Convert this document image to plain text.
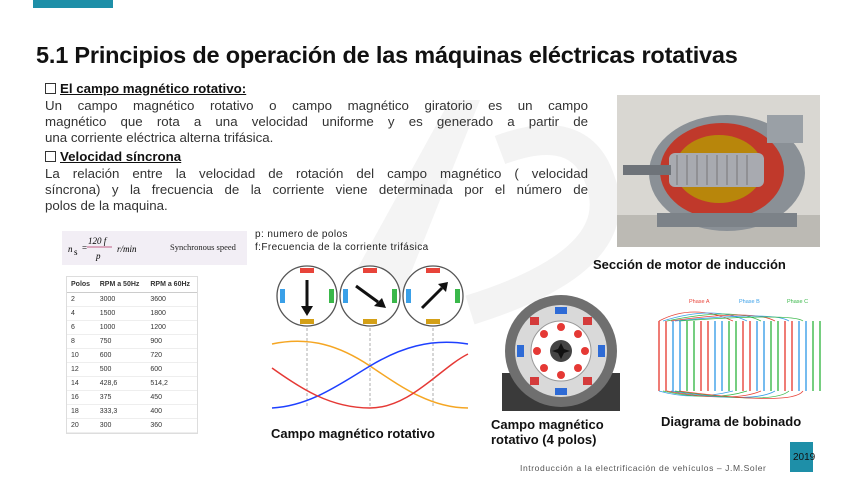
5.1 Principios de operación de las máquinas eléctricas rotativas
El campo magnético rotativo:
Un campo magnético rotativo o campo magnético giratorio es un campo
magnético que rota a una velocidad uniforme y es generado a partir de
una corriente eléctrica alterna trifásica.
Velocidad síncrona
La relación entre la velocidad de rotación del campo magnético ( velocidad
síncrona) y la frecuencia de la corriente viene determinada por el número de
polos de la maquina.
Sección de motor de inducción
n s =
120 f
p
r/min	Synchronous speed
p: numero de polos
f:Frecuencia de la corriente trifásica
Polos	RPM a 50Hz	RPM a 60Hz
2	3000	3600
4	1500	1800
6	1000	1200
8	750	900
10	600	720
12	500	600
14	428,6	514,2
16	375	450
18	333,3	400
20	300	360
Campo magnético rotativo
Campo magnético
rotativo (4 polos)
Phase A	Phase B	Phase C
Diagrama de bobinado
Introducción a la electrificación de vehículos – J.M.Soler
2019
